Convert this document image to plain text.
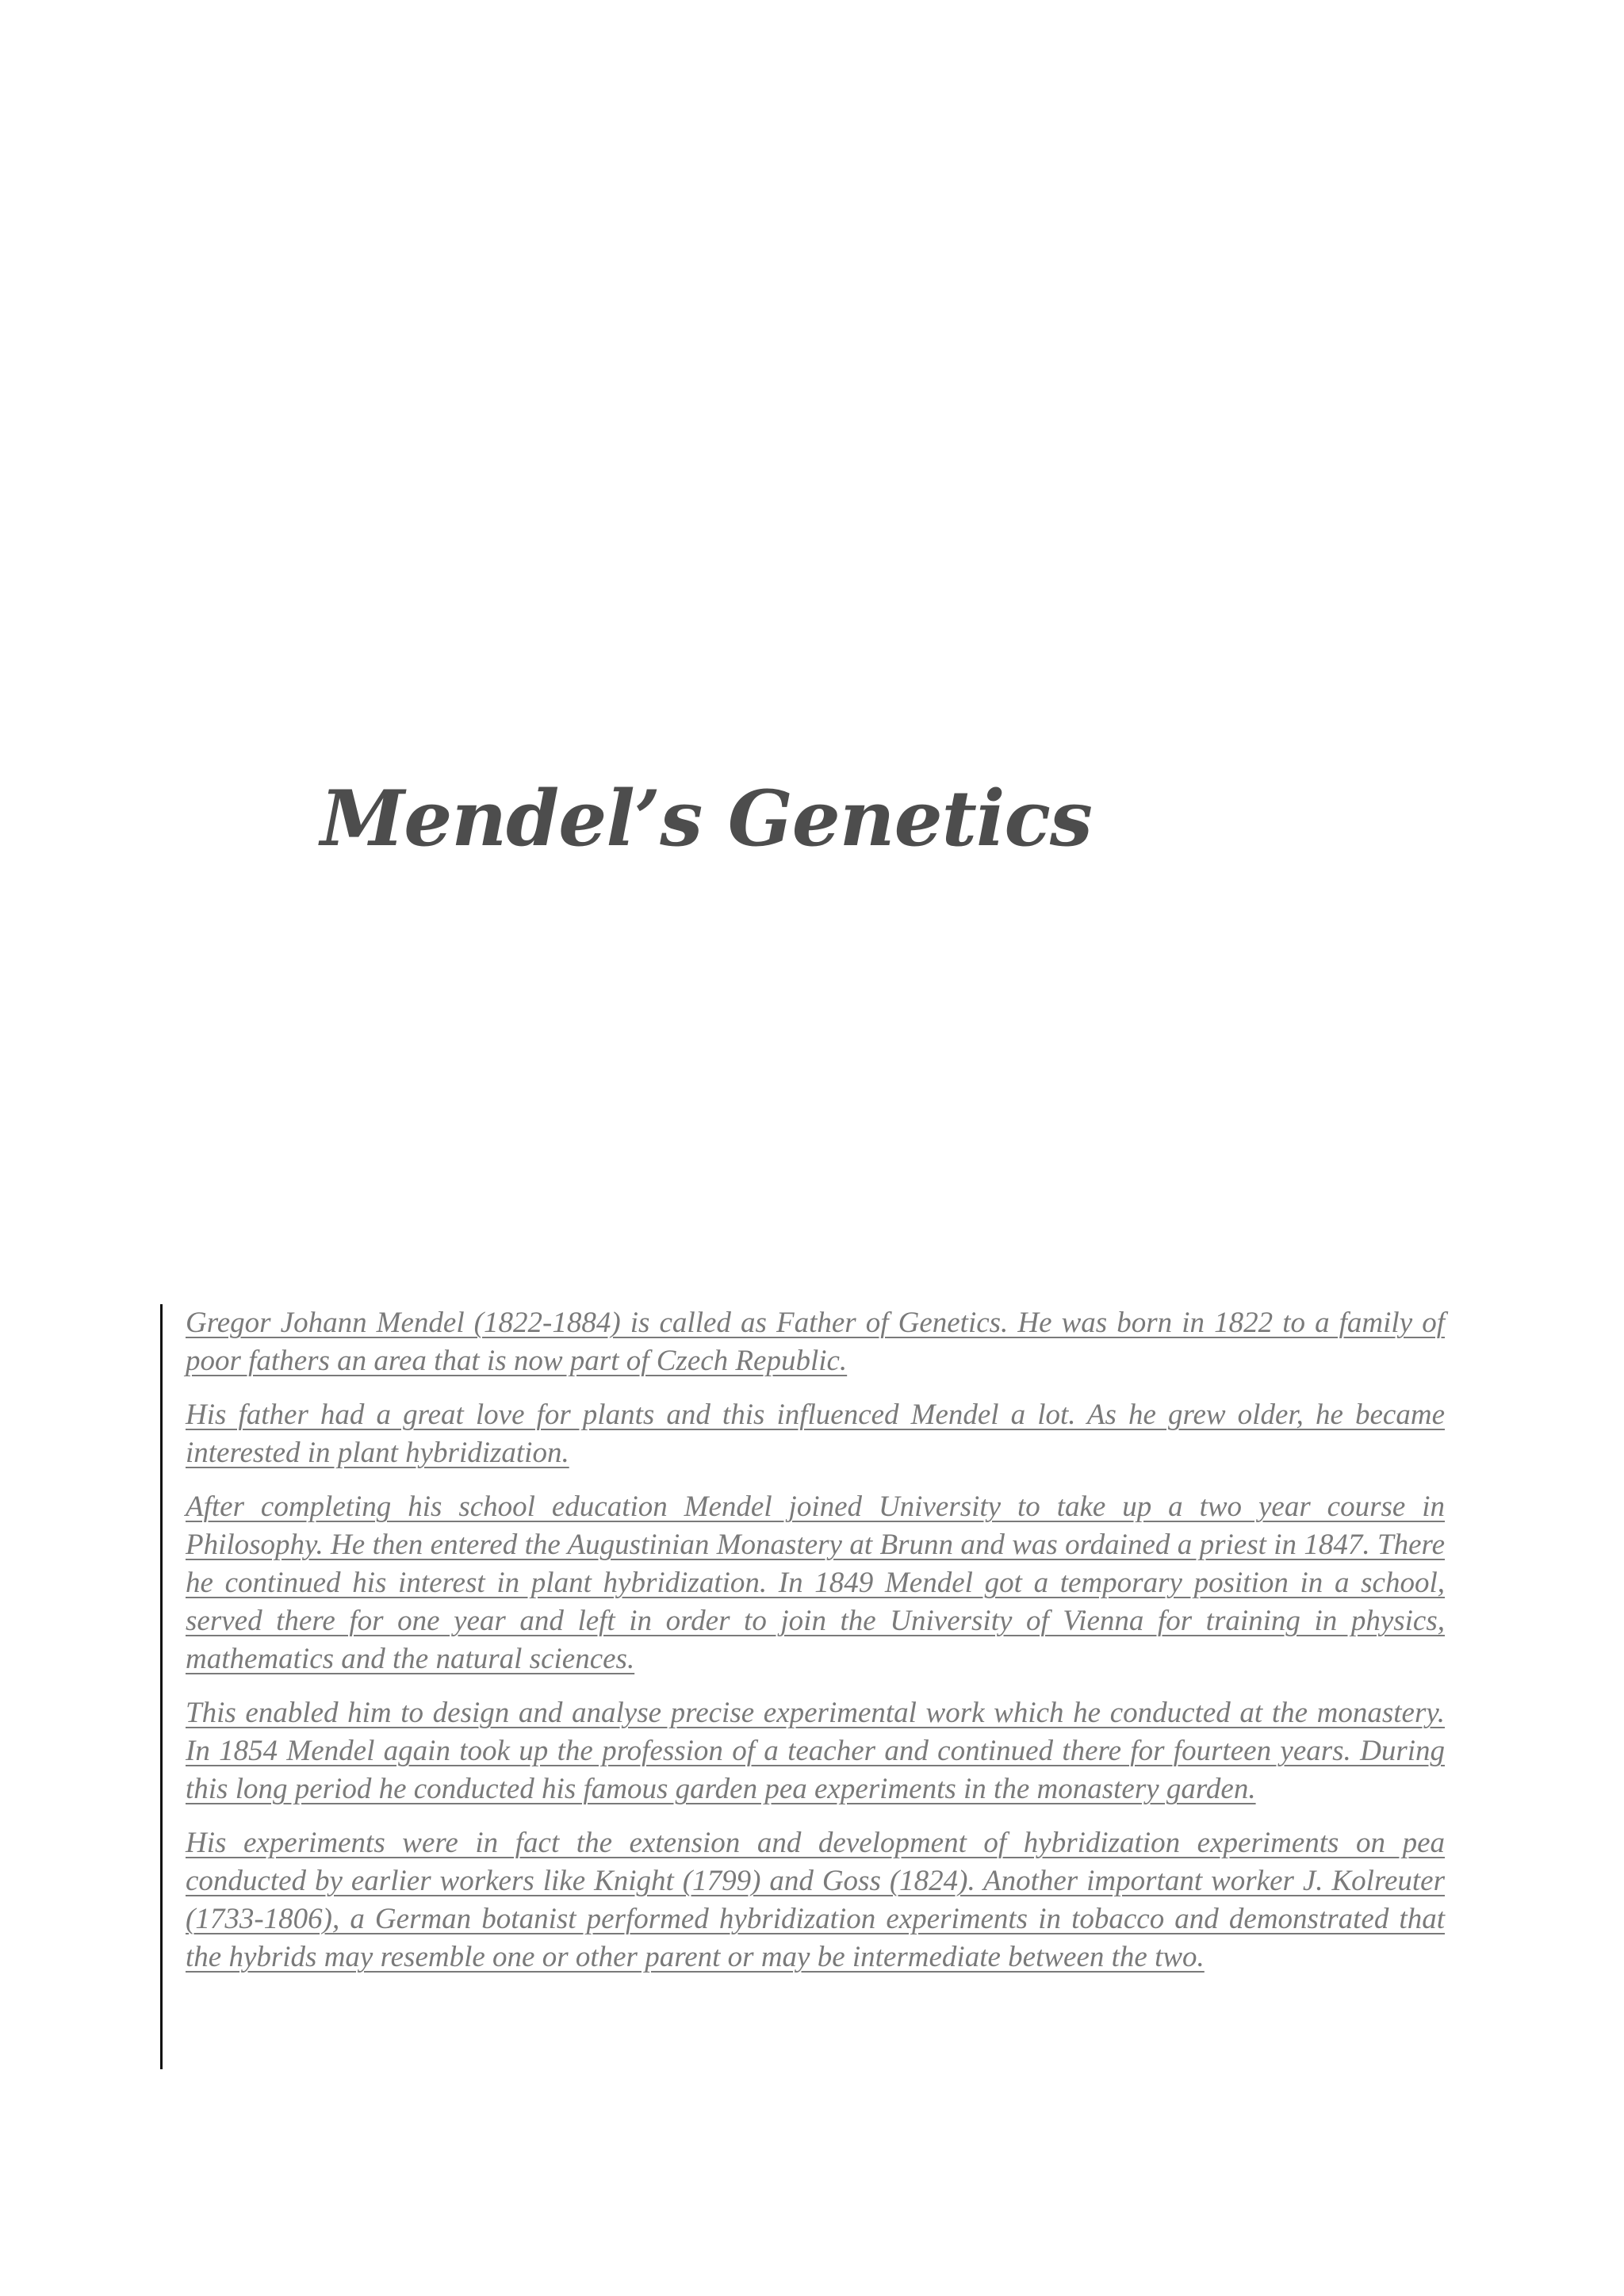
Mendel’s Genetics

Gregor Johann Mendel (1822-1884) is called as Father of Genetics. He was born in 1822 to a family of poor fathers an area that is now part of Czech Republic.

His father had a great love for plants and this influenced Mendel a lot. As he grew older, he became interested in plant hybridization.

After completing his school education Mendel joined University to take up a two year course in Philosophy. He then entered the Augustinian Monastery at Brunn and was ordained a priest in 1847. There he continued his interest in plant hybridization. In 1849 Mendel got a temporary position in a school, served there for one year and left in order to join the University of Vienna for training in physics, mathematics and the natural sciences.

This enabled him to design and analyse precise experimental work which he conducted at the monastery. In 1854 Mendel again took up the profession of a teacher and continued there for fourteen years. During this long period he conducted his famous garden pea experiments in the monastery garden.

His experiments were in fact the extension and development of hybridization experiments on pea conducted by earlier workers like Knight (1799) and Goss (1824). Another important worker J. Kolreuter (1733-1806), a German botanist performed hybridization experiments in tobacco and demonstrated that the hybrids may resemble one or other parent or may be intermediate between the two.
